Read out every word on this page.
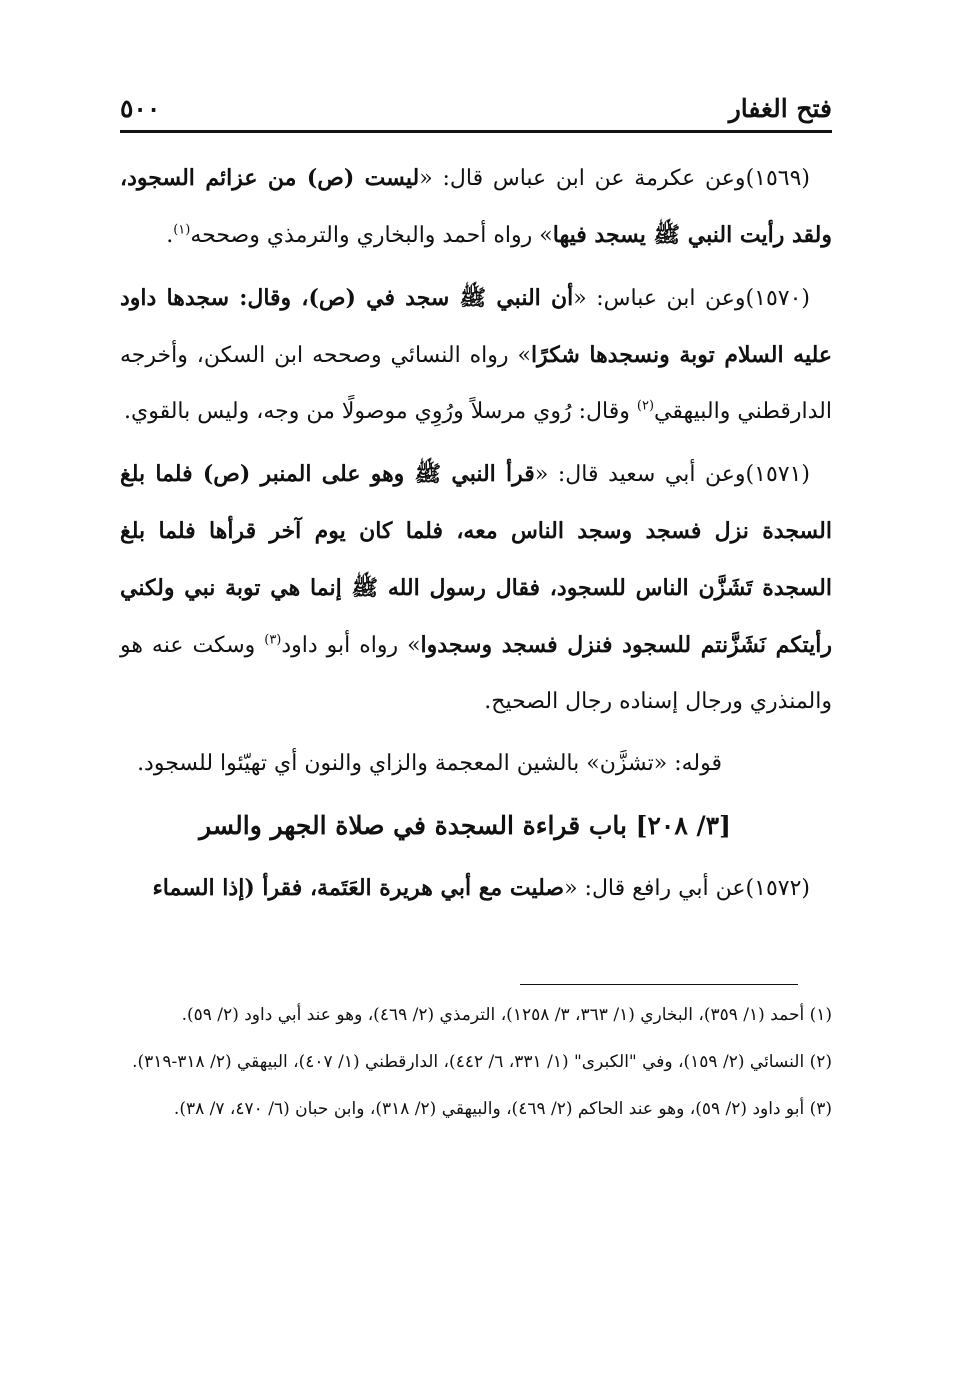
فتح الغفار
٥٠٠

(١٥٦٩)وعن عكرمة عن ابن عباس قال: «ليست (ص) من عزائم السجود، ولقد رأيت النبي ﷺ يسجد فيها» رواه أحمد والبخاري والترمذي وصححه$^{(١)}$.

(١٥٧٠)وعن ابن عباس: «أن النبي ﷺ سجد في (ص)، وقال: سجدها داود عليه السلام توبة ونسجدها شكرًا» رواه النسائي وصححه ابن السكن، وأخرجه الدارقطني والبيهقي$^{(٢)}$ وقال: رُوي مرسلاً ورُوِي موصولًا من وجه، وليس بالقوي.

(١٥٧١)وعن أبي سعيد قال: «قرأ النبي ﷺ وهو على المنبر (ص) فلما بلغ السجدة نزل فسجد وسجد الناس معه، فلما كان يوم آخر قرأها فلما بلغ السجدة تَشَزَّن الناس للسجود، فقال رسول الله ﷺ إنما هي توبة نبي ولكني رأيتكم نَشَزَّنتم للسجود فنزل فسجد وسجدوا» رواه أبو داود$^{(٣)}$ وسكت عنه هو والمنذري ورجال إسناده رجال الصحيح.

قوله: «تشزَّن» بالشين المعجمة والزاي والنون أي تهيّئوا للسجود.

[٣/ ٢٠٨] باب قراءة السجدة في صلاة الجهر والسر

(١٥٧٢)عن أبي رافع قال: «صليت مع أبي هريرة العَتَمة، فقرأ (إذا السماء

(١) أحمد (١/ ٣٥٩)، البخاري (١/ ٣٦٣، ٣/ ١٢٥٨)، الترمذي (٢/ ٤٦٩)، وهو عند أبي داود (٢/ ٥٩).

(٢) النسائي (٢/ ١٥٩)، وفي "الكبرى" (١/ ٣٣١، ٦/ ٤٤٢)، الدارقطني (١/ ٤٠٧)، البيهقي (٢/ ٣١٨-٣١٩).

(٣) أبو داود (٢/ ٥٩)، وهو عند الحاكم (٢/ ٤٦٩)، والبيهقي (٢/ ٣١٨)، وابن حبان (٦/ ٤٧٠، ٧/ ٣٨).
